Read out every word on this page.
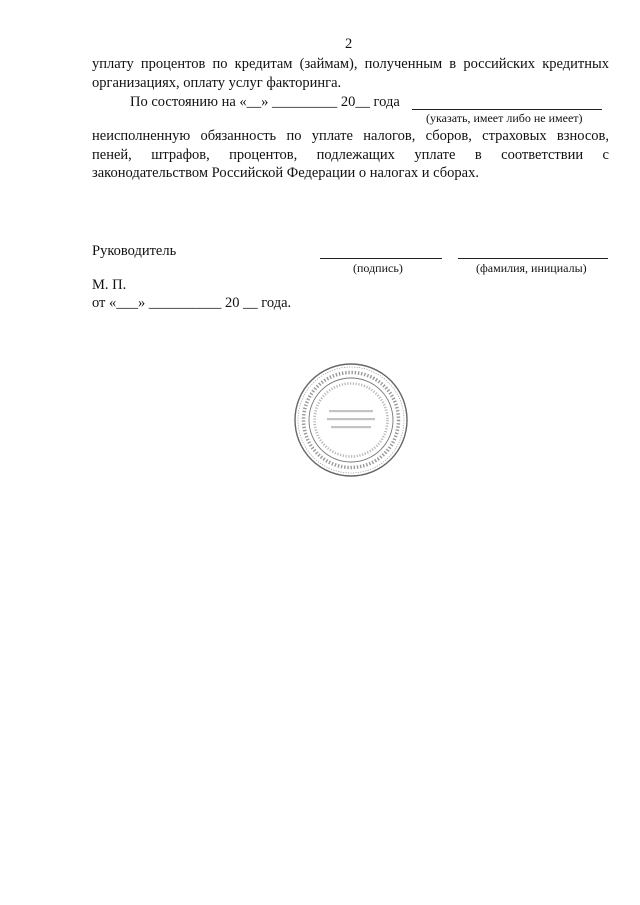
2
уплату процентов по кредитам (займам), полученным в российских кредитных
организациях, оплату услуг факторинга.
По состоянию на «__» _________ 20__ года
(указать, имеет либо не имеет)
неисполненную обязанность по уплате налогов, сборов, страховых взносов,
пеней, штрафов, процентов, подлежащих уплате в соответствии с
законодательством Российской Федерации о налогах и сборах.
Руководитель
(подпись)	(фамилия, инициалы)
М. П.
от «___» __________ 20 __ года.
